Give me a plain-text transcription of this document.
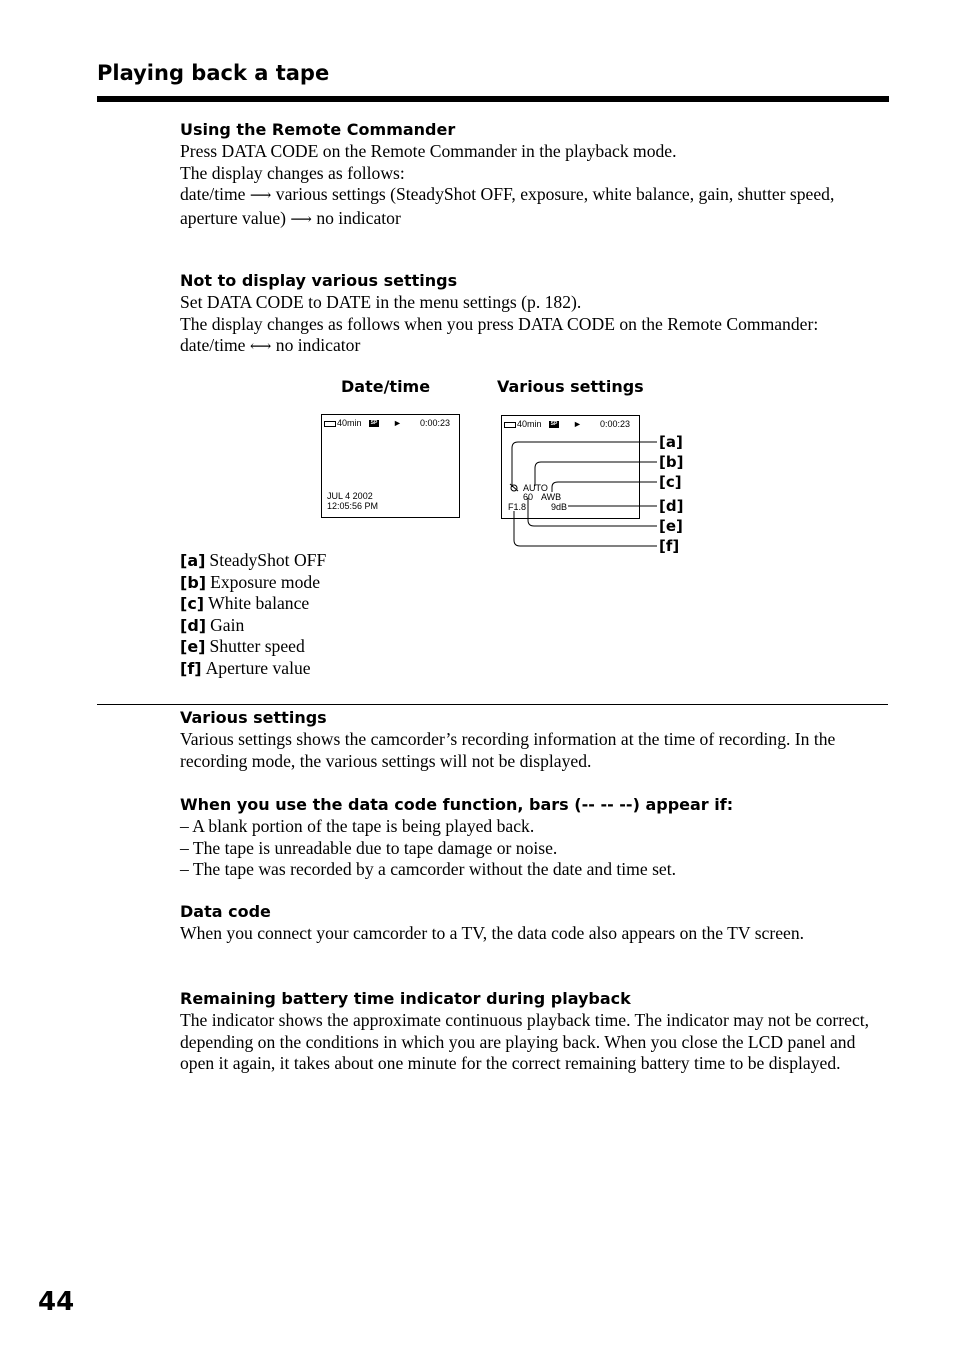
Playing back a tape
Using the Remote Commander
Press DATA CODE on the Remote Commander in the playback mode.
The display changes as follows:
date/time ⟶ various settings (SteadyShot OFF, exposure, white balance, gain, shutter speed, aperture value) ⟶ no indicator
Not to display various settings
Set DATA CODE to DATE in the menu settings (p. 182).
The display changes as follows when you press DATA CODE on the Remote Commander: date/time ⟷ no indicator
Date/time	Various settings
40min	SP ► 0:00:23
JUL 4 2002
12:05:56 PM
40min	SP ► 0:00:23
AUTO
60 AWB
F1.8	9dB
[a]
[b]
[c]
[d]
[e]
[f]
[a] SteadyShot OFF
[b] Exposure mode
[c] White balance
[d] Gain
[e] Shutter speed
[f] Aperture value
Various settings
Various settings shows the camcorder’s recording information at the time of recording. In the recording mode, the various settings will not be displayed.
When you use the data code function, bars (-- -- --) appear if:
– A blank portion of the tape is being played back.
– The tape is unreadable due to tape damage or noise.
– The tape was recorded by a camcorder without the date and time set.
Data code
When you connect your camcorder to a TV, the data code also appears on the TV screen.
Remaining battery time indicator during playback
The indicator shows the approximate continuous playback time. The indicator may not be correct, depending on the conditions in which you are playing back. When you close the LCD panel and open it again, it takes about one minute for the correct remaining battery time to be displayed.
44
